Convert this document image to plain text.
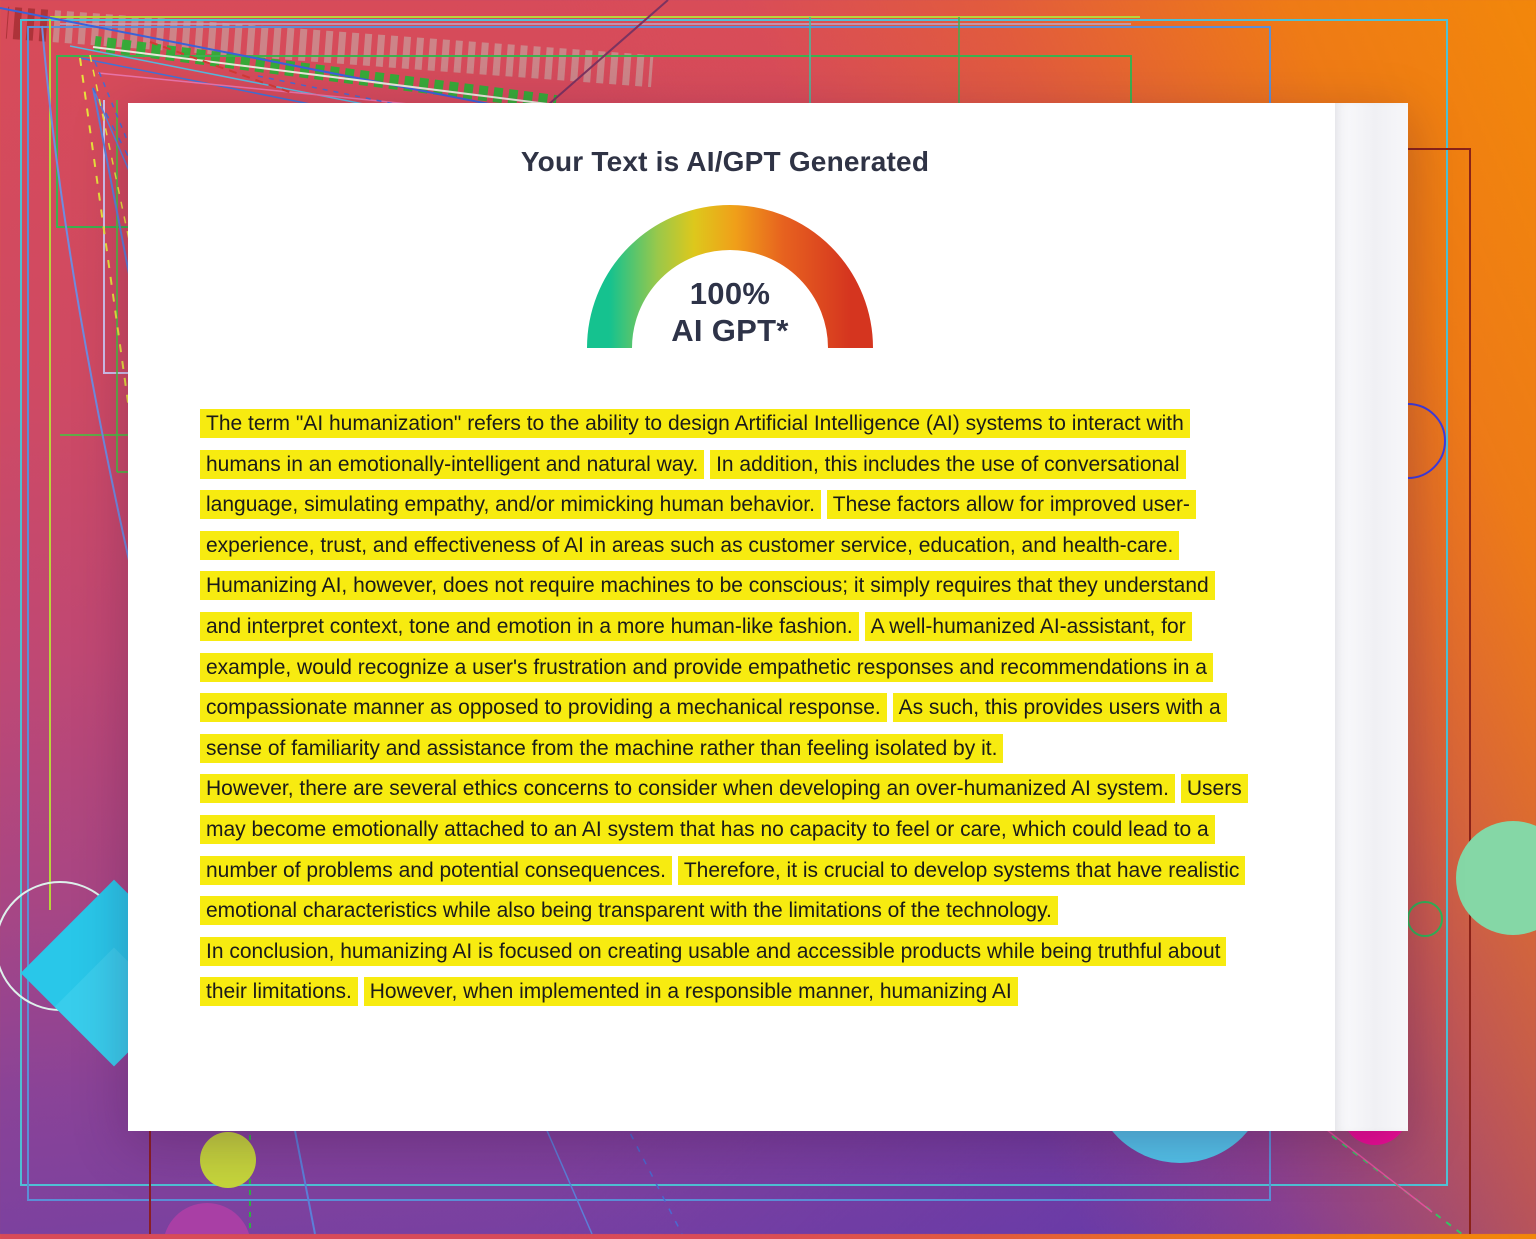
Your Text is AI/GPT Generated
100%
AI GPT*

The term "AI humanization" refers to the ability to design Artificial Intelligence (AI) systems to interact with humans in an emotionally-intelligent and natural way. In addition, this includes the use of conversational language, simulating empathy, and/or mimicking human behavior. These factors allow for improved user-experience, trust, and effectiveness of AI in areas such as customer service, education, and health-care.

Humanizing AI, however, does not require machines to be conscious; it simply requires that they understand and interpret context, tone and emotion in a more human-like fashion. A well-humanized AI-assistant, for example, would recognize a user's frustration and provide empathetic responses and recommendations in a compassionate manner as opposed to providing a mechanical response. As such, this provides users with a sense of familiarity and assistance from the machine rather than feeling isolated by it.

However, there are several ethics concerns to consider when developing an over-humanized AI system. Users may become emotionally attached to an AI system that has no capacity to feel or care, which could lead to a number of problems and potential consequences. Therefore, it is crucial to develop systems that have realistic emotional characteristics while also being transparent with the limitations of the technology.

In conclusion, humanizing AI is focused on creating usable and accessible products while being truthful about their limitations. However, when implemented in a responsible manner, humanizing AI
